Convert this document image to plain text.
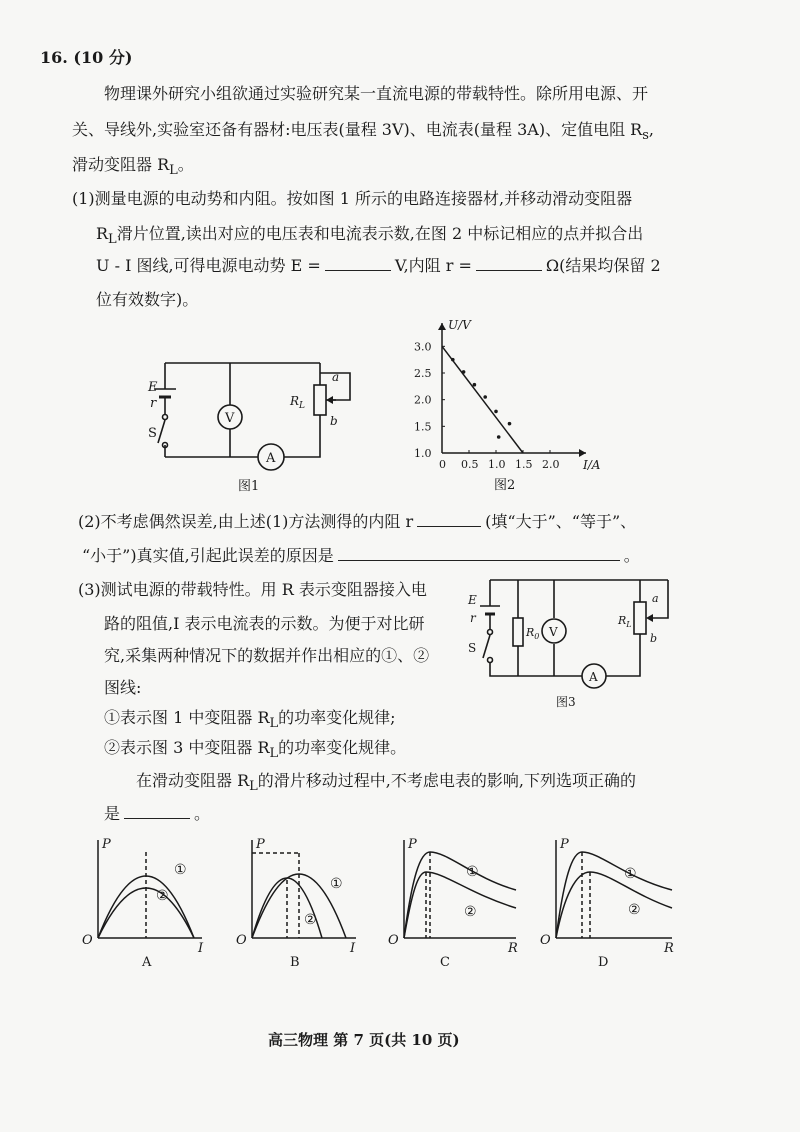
16. (10 分)
物理课外研究小组欲通过实验研究某一直流电源的带载特性。除所用电源、开
关、导线外,实验室还备有器材:电压表(量程 3V)、电流表(量程 3A)、定值电阻 $R_s$,
滑动变阻器 $R_L$。
(1)测量电源的电动势和内阻。按如图 1 所示的电路连接器材,并移动滑动变阻器
$R_L$滑片位置,读出对应的电压表和电流表示数,在图 2 中标记相应的点并拟合出
U - I 图线,可得电源电动势 E =	V,内阻 r =	Ω(结果均保留 2
位有效数字)。
V
A
E
r
S
$R_L$
a
b
图1
U/V
I/A
0 0.5 1.0 1.5 2.0
1.0
1.5
2.0
2.5
3.0
图2
(2)不考虑偶然误差,由上述(1)方法测得的内阻 r	(填“大于”、“等于”、
“小于”)真实值,引起此误差的原因是	。
(3)测试电源的带载特性。用 R 表示变阻器接入电
路的阻值,I 表示电流表的示数。为便于对比研
究,采集两种情况下的数据并作出相应的①、②
图线:
①表示图 1 中变阻器 $R_L$的功率变化规律;
②表示图 3 中变阻器 $R_L$的功率变化规律。
在滑动变阻器 $R_L$的滑片移动过程中,不考虑电表的影响,下列选项正确的
是	。
V
A
E
r
S
$R_0$
$R_L$
a
b
图3
O
P
I
①
②
A
O
P
I
①
②
B
O
P
R
①
②
C
O
P
R
①
②
D
高三物理 第 7 页(共 10 页)
